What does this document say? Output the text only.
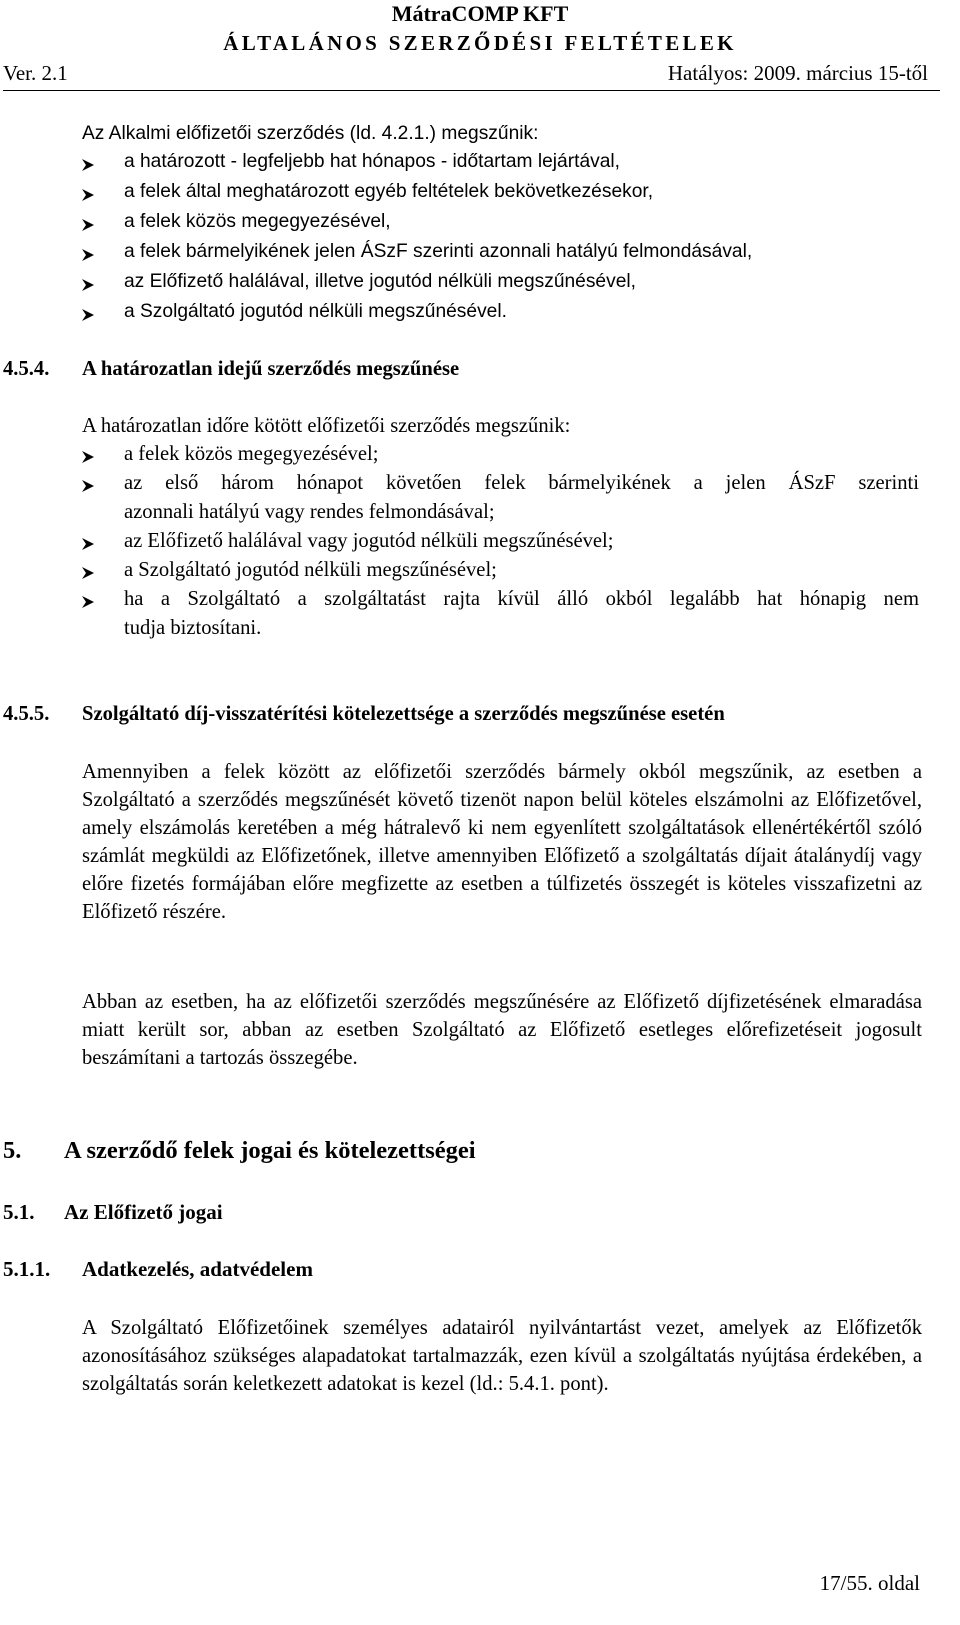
MátraCOMP KFT
ÁLTALÁNOS SZERZŐDÉSI FELTÉTELEK
Ver. 2.1	Hatályos: 2009. március 15-től
Az Alkalmi előfizetői szerződés (ld. 4.2.1.) megszűnik:
a határozott - legfeljebb hat hónapos - időtartam lejártával,
a felek által meghatározott egyéb feltételek bekövetkezésekor,
a felek közös megegyezésével,
a felek bármelyikének jelen ÁSzF szerinti azonnali hatályú felmondásával,
az Előfizető halálával, illetve jogutód nélküli megszűnésével,
a Szolgáltató jogutód nélküli megszűnésével.
4.5.4. A határozatlan idejű szerződés megszűnése
A határozatlan időre kötött előfizetői szerződés megszűnik:
a felek közös megegyezésével;
az első három hónapot követően felek bármelyikének a jelen ÁSzF szerinti
azonnali hatályú vagy rendes felmondásával;
az Előfizető halálával vagy jogutód nélküli megszűnésével;
a Szolgáltató jogutód nélküli megszűnésével;
ha a Szolgáltató a szolgáltatást rajta kívül álló okból legalább hat hónapig nem
tudja biztosítani.
4.5.5. Szolgáltató díj-visszatérítési kötelezettsége a szerződés megszűnése esetén
Amennyiben a felek között az előfizetői szerződés bármely okból megszűnik, az esetben a Szolgáltató a szerződés megszűnését követő tizenöt napon belül köteles elszámolni az Előfizetővel, amely elszámolás keretében a még hátralevő ki nem egyenlített szolgáltatások ellenértékértől szóló számlát megküldi az Előfizetőnek, illetve amennyiben Előfizető a szolgáltatás díjait átalánydíj vagy előre fizetés formájában előre megfizette az esetben a túlfizetés összegét is köteles visszafizetni az Előfizető részére.
Abban az esetben, ha az előfizetői szerződés megszűnésére az Előfizető díjfizetésének elmaradása miatt került sor, abban az esetben Szolgáltató az Előfizető esetleges előrefizetéseit jogosult beszámítani a tartozás összegébe.
5. A szerződő felek jogai és kötelezettségei
5.1. Az Előfizető jogai
5.1.1. Adatkezelés, adatvédelem
A Szolgáltató Előfizetőinek személyes adatairól nyilvántartást vezet, amelyek az Előfizetők azonosításához szükséges alapadatokat tartalmazzák, ezen kívül a szolgáltatás nyújtása érdekében, a szolgáltatás során keletkezett adatokat is kezel (ld.: 5.4.1. pont).
17/55. oldal
